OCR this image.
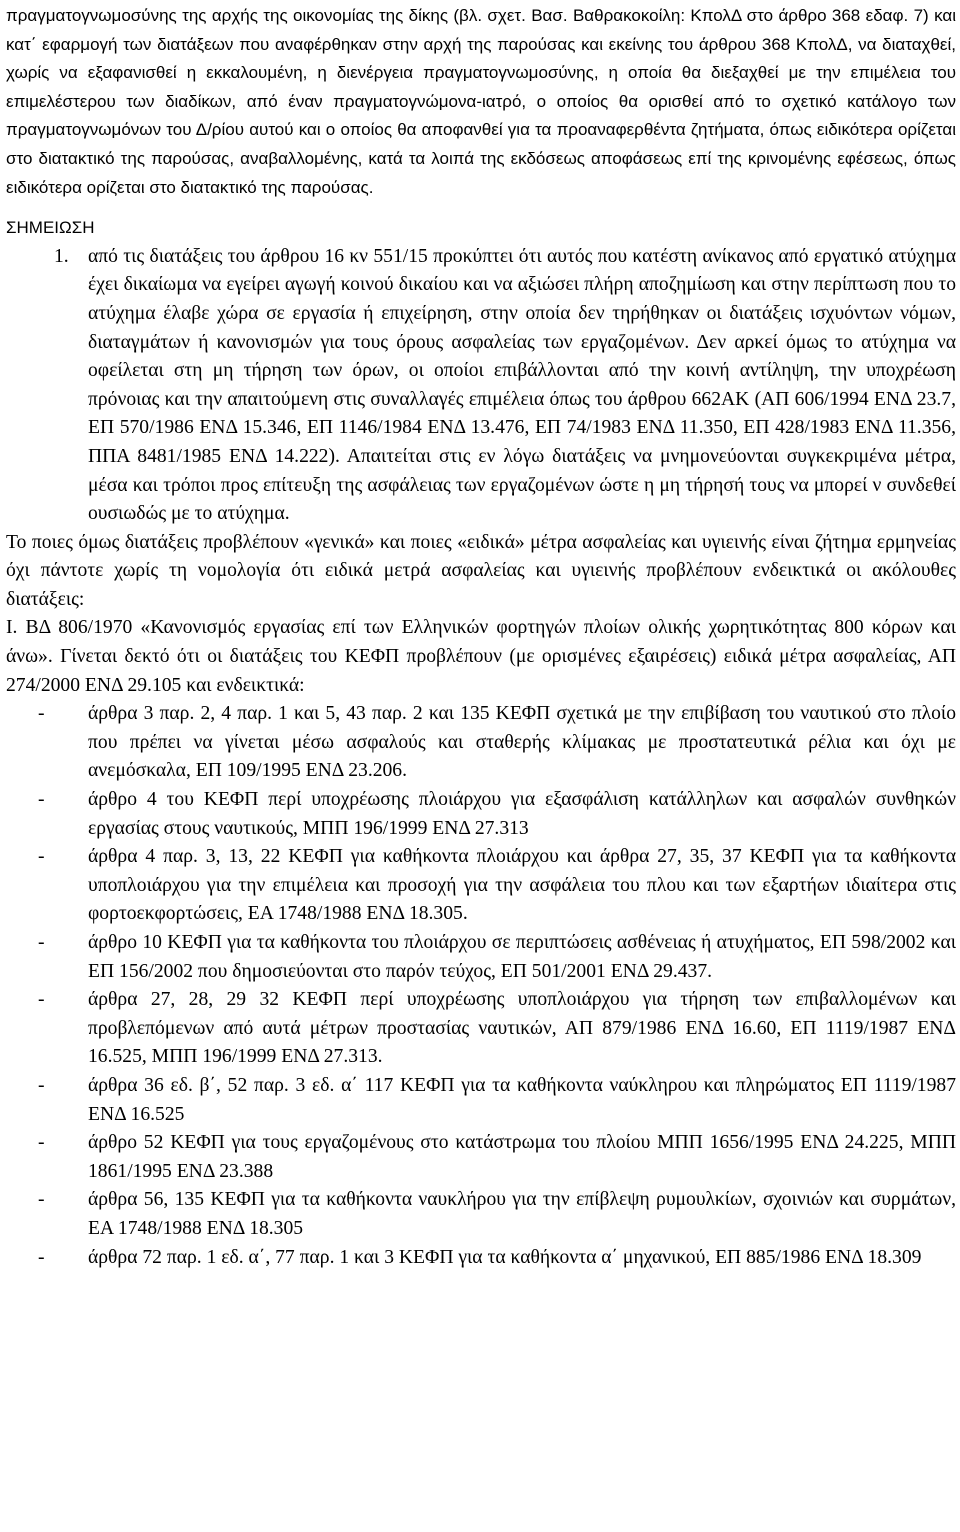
πραγματογνωμοσύνης της αρχής της οικονομίας της δίκης (βλ. σχετ. Βασ. Βαθρακοκοίλη: ΚπολΔ στο άρθρο 368 εδαφ. 7) και κατ΄ εφαρμογή των διατάξεων που αναφέρθηκαν στην αρχή της παρούσας και εκείνης του άρθρου 368 ΚπολΔ, να διαταχθεί, χωρίς να εξαφανισθεί η εκκαλουμένη, η διενέργεια πραγματογνωμοσύνης, η οποία θα διεξαχθεί με την επιμέλεια του επιμελέστερου των διαδίκων, από έναν πραγματογνώμονα-ιατρό, ο οποίος θα ορισθεί από το σχετικό κατάλογο των πραγματογνωμόνων του Δ/ρίου αυτού και ο οποίος θα αποφανθεί για τα προαναφερθέντα ζητήματα, όπως ειδικότερα ορίζεται στο διατακτικό της παρούσας, αναβαλλομένης, κατά τα λοιπά της εκδόσεως αποφάσεως επί της κρινομένης εφέσεως, όπως ειδικότερα ορίζεται στο διατακτικό της παρούσας.

ΣΗΜΕΙΩΣΗ

1. από τις διατάξεις του άρθρου 16 κν 551/15 προκύπτει ότι αυτός που κατέστη ανίκανος από εργατικό ατύχημα έχει δικαίωμα να εγείρει αγωγή κοινού δικαίου και να αξιώσει πλήρη αποζημίωση και στην περίπτωση που το ατύχημα έλαβε χώρα σε εργασία ή επιχείρηση, στην οποία δεν τηρήθηκαν οι διατάξεις ισχυόντων νόμων, διαταγμάτων ή κανονισμών για τους όρους ασφαλείας των εργαζομένων. Δεν αρκεί όμως το ατύχημα να οφείλεται στη μη τήρηση των όρων, οι οποίοι επιβάλλονται από την κοινή αντίληψη, την υποχρέωση πρόνοιας και την απαιτούμενη στις συναλλαγές επιμέλεια όπως του άρθρου 662ΑΚ (ΑΠ 606/1994 ΕΝΔ 23.7, ΕΠ 570/1986 ΕΝΔ 15.346, ΕΠ 1146/1984 ΕΝΔ 13.476, ΕΠ 74/1983 ΕΝΔ 11.350, ΕΠ 428/1983 ΕΝΔ 11.356, ΠΠΑ 8481/1985 ΕΝΔ 14.222). Απαιτείται στις εν λόγω διατάξεις να μνημονεύονται συγκεκριμένα μέτρα, μέσα και τρόποι προς επίτευξη της ασφάλειας των εργαζομένων ώστε η μη τήρησή τους να μπορεί ν συνδεθεί ουσιωδώς με το ατύχημα.

Το ποιες όμως διατάξεις προβλέπουν «γενικά» και ποιες «ειδικά» μέτρα ασφαλείας και υγιεινής είναι ζήτημα ερμηνείας όχι πάντοτε χωρίς τη νομολογία ότι ειδικά μετρά ασφαλείας και υγιεινής προβλέπουν ενδεικτικά οι ακόλουθες διατάξεις:

Ι. ΒΔ 806/1970 «Κανονισμός εργασίας επί των Ελληνικών φορτηγών πλοίων ολικής χωρητικότητας 800 κόρων και άνω». Γίνεται δεκτό ότι οι διατάξεις του ΚΕΦΠ προβλέπουν (με ορισμένες εξαιρέσεις) ειδικά μέτρα ασφαλείας, ΑΠ 274/2000 ΕΝΔ 29.105 και ενδεικτικά:

- άρθρα 3 παρ. 2, 4 παρ. 1 και 5, 43 παρ. 2 και 135 ΚΕΦΠ σχετικά με την επιβίβαση του ναυτικού στο πλοίο που πρέπει να γίνεται μέσω ασφαλούς και σταθερής κλίμακας με προστατευτικά ρέλια και όχι με ανεμόσκαλα, ΕΠ 109/1995 ΕΝΔ 23.206.

- άρθρο 4 του ΚΕΦΠ περί υποχρέωσης πλοιάρχου για εξασφάλιση κατάλληλων και ασφαλών συνθηκών εργασίας στους ναυτικούς, ΜΠΠ 196/1999 ΕΝΔ 27.313

- άρθρα 4 παρ. 3, 13, 22 ΚΕΦΠ για καθήκοντα πλοιάρχου και άρθρα 27, 35, 37 ΚΕΦΠ για τα καθήκοντα υποπλοιάρχου για την επιμέλεια και προσοχή για την ασφάλεια του πλου και των εξαρτήων ιδιαίτερα στις φορτοεκφορτώσεις, ΕΑ 1748/1988 ΕΝΔ 18.305.

- άρθρο 10 ΚΕΦΠ για τα καθήκοντα του πλοιάρχου σε περιπτώσεις ασθένειας ή ατυχήματος, ΕΠ 598/2002 και ΕΠ 156/2002 που δημοσιεύονται στο παρόν τεύχος, ΕΠ 501/2001 ΕΝΔ 29.437.

- άρθρα 27, 28, 29 32 ΚΕΦΠ περί υποχρέωσης υποπλοιάρχου για τήρηση των επιβαλλομένων και προβλεπόμενων από αυτά μέτρων προστασίας ναυτικών, ΑΠ 879/1986 ΕΝΔ 16.60, ΕΠ 1119/1987 ΕΝΔ 16.525, ΜΠΠ 196/1999 ΕΝΔ 27.313.

- άρθρα 36 εδ. β΄, 52 παρ. 3 εδ. α΄ 117 ΚΕΦΠ για τα καθήκοντα ναύκληρου και πληρώματος ΕΠ 1119/1987 ΕΝΔ 16.525

- άρθρο 52 ΚΕΦΠ για τους εργαζομένους στο κατάστρωμα του πλοίου ΜΠΠ 1656/1995 ΕΝΔ 24.225, ΜΠΠ 1861/1995 ΕΝΔ 23.388

- άρθρα 56, 135 ΚΕΦΠ για τα καθήκοντα ναυκλήρου για την επίβλεψη ρυμουλκίων, σχοινιών και συρμάτων, ΕΑ 1748/1988 ΕΝΔ 18.305

- άρθρα 72 παρ. 1 εδ. α΄, 77 παρ. 1 και 3 ΚΕΦΠ για τα καθήκοντα α΄ μηχανικού, ΕΠ 885/1986 ΕΝΔ 18.309
